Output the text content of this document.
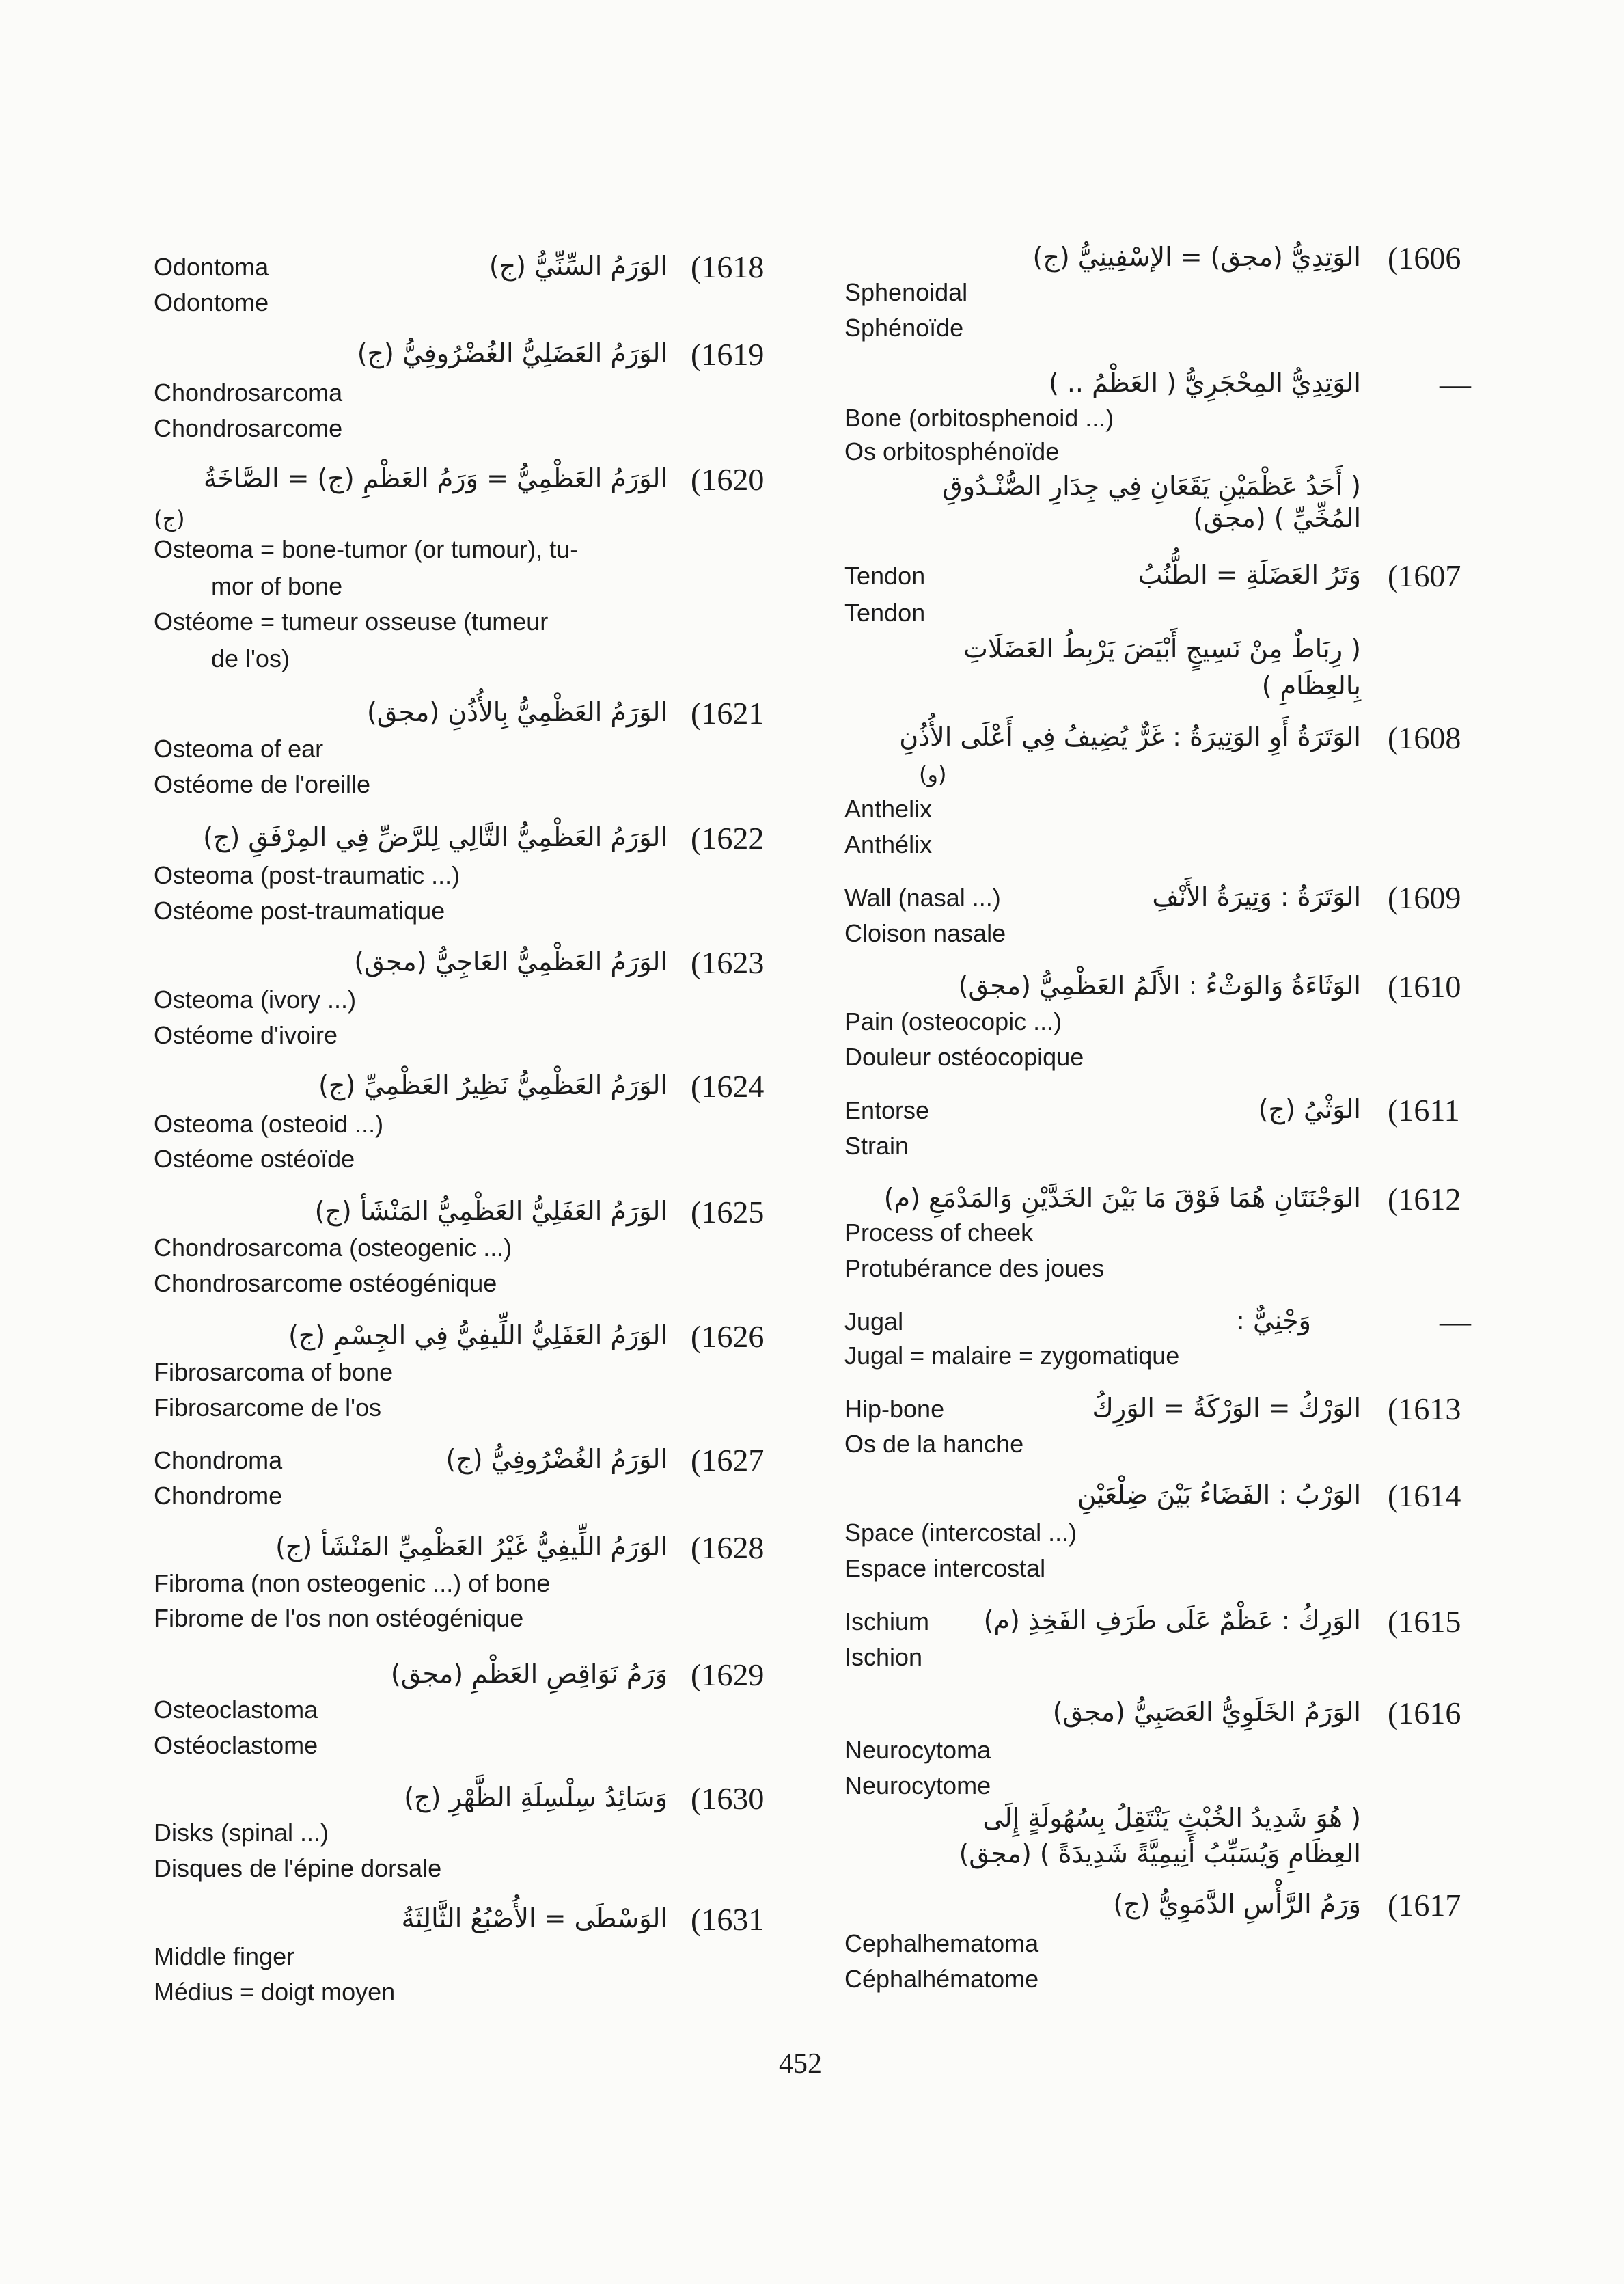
(1606
الوَتِدِيُّ (مجق) = الإسْفِينِيُّ (ج)
Sphenoidal
Sphénoïde
—
الوَتِدِيُّ المِحْجَرِيُّ ( العَظْمُ .. )
Bone (orbitosphenoid ...)
Os orbitosphénoïde
( أَحَدُ عَظْمَيْنِ يَقَعَانِ فِي جِدَارِ الصُّنْـدُوقِ
المُخِّيِّ ) (مجق)
(1607
Tendon	وَتَرُ العَضَلَةِ = الطُّنُبُ
Tendon
( رِبَاطٌ مِنْ نَسِيجٍ أَبْيَضَ يَرْبِطُ العَضَلَاتِ
بِالعِظَامِ )
(1608
الوَتَرَةُ أَوِ الوَتِيرَةُ : غَرٌّ يُضِيفُ فِي أَعْلَى الأُذُنِ
(و)
Anthelix
Anthélix
(1609
Wall (nasal ...)	الوَتَرَةُ : وَتِيرَةُ الأَنْفِ
Cloison nasale
(1610
الوَثَاءَةُ وَالوَثْءُ : الأَلَمُ العَظْمِيُّ (مجق)
Pain (osteocopic ...)
Douleur ostéocopique
(1611
Entorse	الوَثْيُ (ج)
Strain
(1612
الوَجْنَتَانِ هُمَا فَوْقَ مَا بَيْنَ الخَدَّيْنِ وَالمَدْمَعِ (م)
Process of cheek
Protubérance des joues
—
Jugal	وَجْنِيٌّ :
Jugal = malaire = zygomatique
(1613
Hip-bone	الوَرْكُ = الوَرْكَةُ = الوَرِكُ
Os de la hanche
(1614
الوَرْبُ : الفَضَاءُ بَيْنَ ضِلْعَيْنِ
Space (intercostal ...)
Espace intercostal
(1615
Ischium الوَرِكُ : عَظْمٌ عَلَى طَرَفِ الفَخِذِ (م)
Ischion
(1616
الوَرَمُ الخَلَوِيُّ العَصَبِيُّ (مجق)
Neurocytoma
Neurocytome
( هُوَ شَدِيدُ الخُبْثِ يَنْتَقِلُ بِسُهُولَةٍ إِلَى
العِظَامِ وَيُسَبِّبُ أَنِيمِيَّةً شَدِيدَةً ) (مجق)
(1617
وَرَمُ الرَّأْسِ الدَّمَوِيُّ (ج)
Cephalhematoma
Céphalhématome
(1618
Odontoma	الوَرَمُ السِّنِّيُّ (ج)
Odontome
(1619
الوَرَمُ العَضَلِيُّ الغُضْرُوفِيُّ (ج)
Chondrosarcoma
Chondrosarcome
(1620
الوَرَمُ العَظْمِيُّ = وَرَمُ العَظْمِ (ج) = الصَّاخَةُ
(ج)
Osteoma = bone-tumor (or tumour), tu-
mor of bone
Ostéome = tumeur osseuse (tumeur
de l'os)
(1621
الوَرَمُ العَظْمِيُّ بِالأُذُنِ (مجق)
Osteoma of ear
Ostéome de l'oreille
(1622
الوَرَمُ العَظْمِيُّ التَّالِي لِلرَّضِّ فِي المِرْفَقِ (ج)
Osteoma (post-traumatic ...)
Ostéome post-traumatique
(1623
الوَرَمُ العَظْمِيُّ العَاجِيُّ (مجق)
Osteoma (ivory ...)
Ostéome d'ivoire
(1624
الوَرَمُ العَظْمِيُّ نَظِيرُ العَظْمِيِّ (ج)
Osteoma (osteoid ...)
Ostéome ostéoïde
(1625
الوَرَمُ العَفَلِيُّ العَظْمِيُّ المَنْشَأ (ج)
Chondrosarcoma (osteogenic ...)
Chondrosarcome ostéogénique
(1626
الوَرَمُ العَفَلِيُّ اللِّيفِيُّ فِي الجِسْمِ (ج)
Fibrosarcoma of bone
Fibrosarcome de l'os
(1627
Chondroma	الوَرَمُ الغُضْرُوفِيُّ (ج)
Chondrome
(1628
الوَرَمُ اللِّيفِيُّ غَيْرُ العَظْمِيِّ المَنْشَأ (ج)
Fibroma (non osteogenic ...) of bone
Fibrome de l'os non ostéogénique
(1629
وَرَمُ نَوَاقِصِ العَظْمِ (مجق)
Osteoclastoma
Ostéoclastome
(1630
وَسَائِدُ سِلْسِلَةِ الظَّهْرِ (ج)
Disks (spinal ...)
Disques de l'épine dorsale
(1631
الوَسْطَى = الأُصْبُعُ الثَّالِثَةُ
Middle finger
Médius = doigt moyen
452
